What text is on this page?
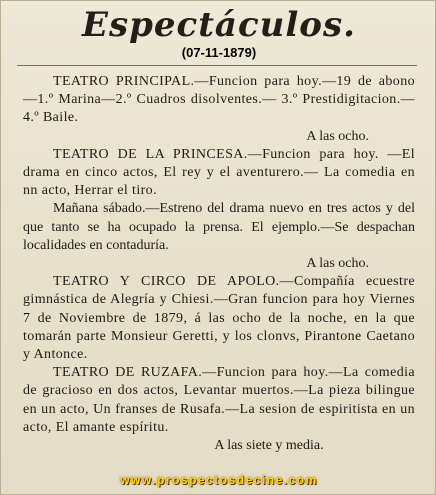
Espectáculos.
(07-11-1879)

TEATRO PRINCIPAL.—Funcion para hoy.—19 de abono —1.º Marina—2.º Cuadros disolventes.— 3.º Prestidigitacion.—4.º Baile.

A las ocho.

TEATRO DE LA PRINCESA.—Funcion para hoy. —El drama en cinco actos, El rey y el aventurero.— La comedia en nn acto, Herrar el tiro.

Mañana sábado.—Estreno del drama nuevo en tres actos y del que tanto se ha ocupado la prensa. El ejemplo.—Se despachan localidades en contaduría.

A las ocho.

TEATRO Y CIRCO DE APOLO.—Compañía ecuestre gimnástica de Alegría y Chiesi.—Gran funcion para hoy Viernes 7 de Noviembre de 1879, á las ocho de la noche, en la que tomarán parte Monsieur Geretti, y los clonvs, Pirantone Caetano y Antonce.

TEATRO DE RUZAFA.—Funcion para hoy.—La comedia de gracioso en dos actos, Levantar muertos.—La pieza bilingue en un acto, Un franses de Rusafa.—La sesion de espiritista en un acto, El amante espíritu.

A las siete y media.

www.prospectosdecine.com
